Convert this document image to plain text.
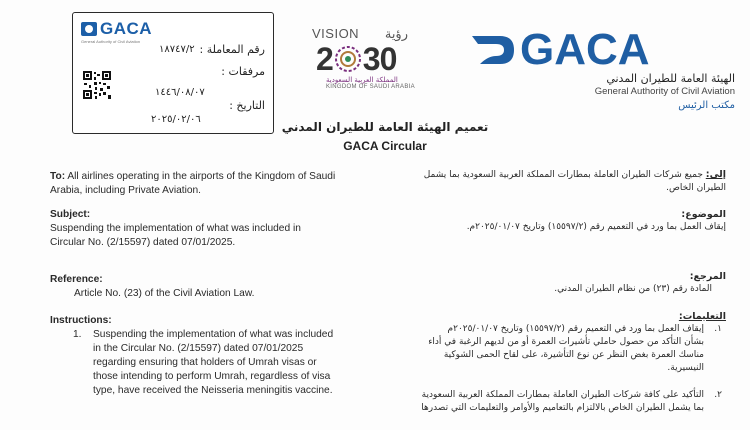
GACA
General Authority of Civil Aviation
رقم المعاملة :
١٨٧٤٧/٢
مرفقات :
التاريخ :
١٤٤٦/٠٨/٠٧
٢٠٢٥/٠٢/٠٦
VISION رؤية
2 30
المملكة العربية السعودية
KINGDOM OF SAUDI ARABIA
GACA
الهيئة العامة للطيران المدني
General Authority of Civil Aviation
مكتب الرئيس
تعميم الهيئة العامة للطيران المدني
GACA Circular
To: All airlines operating in the airports of the Kingdom of Saudi
Arabia, including Private Aviation.
Subject:
Suspending the implementation of what was included in
Circular No. (2/15597) dated 07/01/2025.
Reference:
Article No. (23) of the Civil Aviation Law.
Instructions:
1. Suspending the implementation of what was included
in the Circular No. (2/15597) dated 07/01/2025
regarding ensuring that holders of Umrah visas or
those intending to perform Umrah, regardless of visa
type, have received the Neisseria meningitis vaccine.
إلى: جميع شركات الطيران العاملة بمطارات المملكة العربية السعودية بما يشمل
الطيران الخاص.
الموضوع:
إيقاف العمل بما ورد في التعميم رقم (١٥٥٩٧/٢) وتاريخ ٢٠٢٥/٠١/٠٧م.
المرجع:
المادة رقم (٢٣) من نظام الطيران المدني.
التعليمات:
١.
إيقاف العمل بما ورد في التعميم رقم (١٥٥٩٧/٢) وتاريخ ٢٠٢٥/٠١/٠٧م
بشأن التأكد من حصول حاملي تأشيرات العمرة أو من لديهم الرغبة في أداء
مناسك العمرة بغض النظر عن نوع التأشيرة، على لقاح الحمى الشوكية
النيسيرية.
٢.
التأكيد على كافة شركات الطيران العاملة بمطارات المملكة العربية السعودية
بما يشمل الطيران الخاص بالالتزام بالتعاميم والأوامر والتعليمات التي تصدرها
